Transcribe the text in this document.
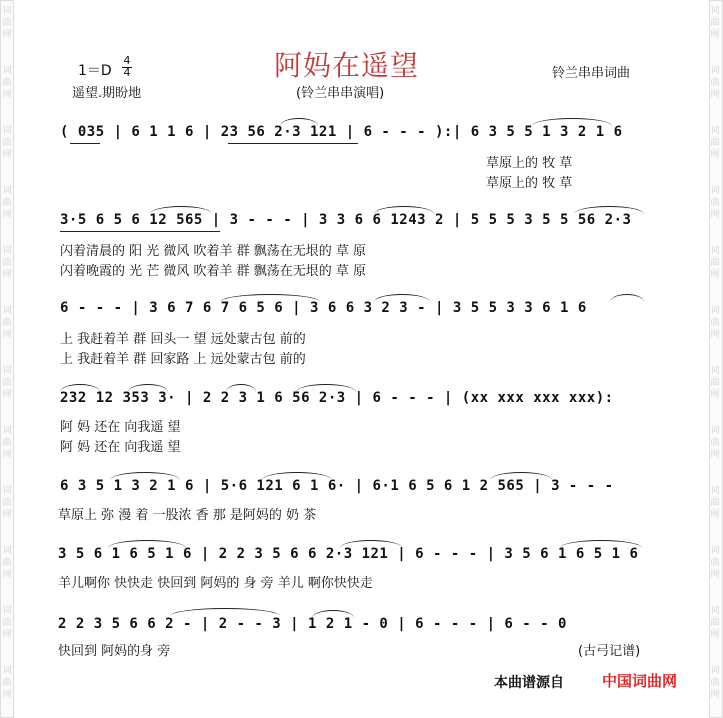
词	词
曲	曲
网	网
词	词
曲	曲
网	网
词	词
曲	曲
网	网
词	词
曲	曲
网	网
词	词
曲	曲
网	网
词	词
曲	曲
网	网
词	词
曲	曲
网	网
词	词
曲	曲
网	网
词	词
曲	曲
网	网
词	词
曲	曲
网	网
词	词
曲	曲
网	网
词	词
曲	曲
网	网
$1=D \frac{4}{4}$
遥望.期盼地
阿妈在遥望
(铃兰串串演唱)
铃兰串串词曲
( 035 | 6 1 1 6 | 23 56 2·3 121 | 6 - - - ):| 6 3 5 5 1 3 2 1 6
草原上的 牧 草
草原上的 牧 草
3·5 6 5 6 12 565 | 3 - - - | 3 3 6 6 1243 2 | 5 5 5 3 5 5 56 2·3
闪着清晨的 阳 光 微风 吹着羊 群 飘荡在无垠的 草 原
闪着晚霞的 光 芒 微风 吹着羊 群 飘荡在无垠的 草 原
6 - - - | 3 6 7 6 7 6 5 6 | 3 6 6 3 2 3 - | 3 5 5 3 3 6 1 6
上 我赶着羊 群 回头一 望 远处蒙古包 前的
上 我赶着羊 群 回家路 上 远处蒙古包 前的
232 12 353 3· | 2 2 3 1 6 56 2·3 | 6 - - - | (xx xxx xxx xxx):
阿 妈 还在 向我遥 望
阿 妈 还在 向我遥 望
6 3 5 1 3 2 1 6 | 5·6 121 6 1 6· | 6·1 6 5 6 1 2 565 | 3 - - -
草原上 弥 漫 着 一股浓 香 那 是阿妈的 奶 茶
3 5 6 1 6 5 1 6 | 2 2 3 5 6 6 2·3 121 | 6 - - - | 3 5 6 1 6 5 1 6
羊儿啊你 快快走 快回到 阿妈的 身 旁 羊儿 啊你快快走
2 2 3 5 6 6 2 - | 2 - - 3 | 1 2 1 - 0 | 6 - - - | 6 - - 0
快回到 阿妈的身 旁	(古弓记谱)
本曲谱源自	中国词曲网
